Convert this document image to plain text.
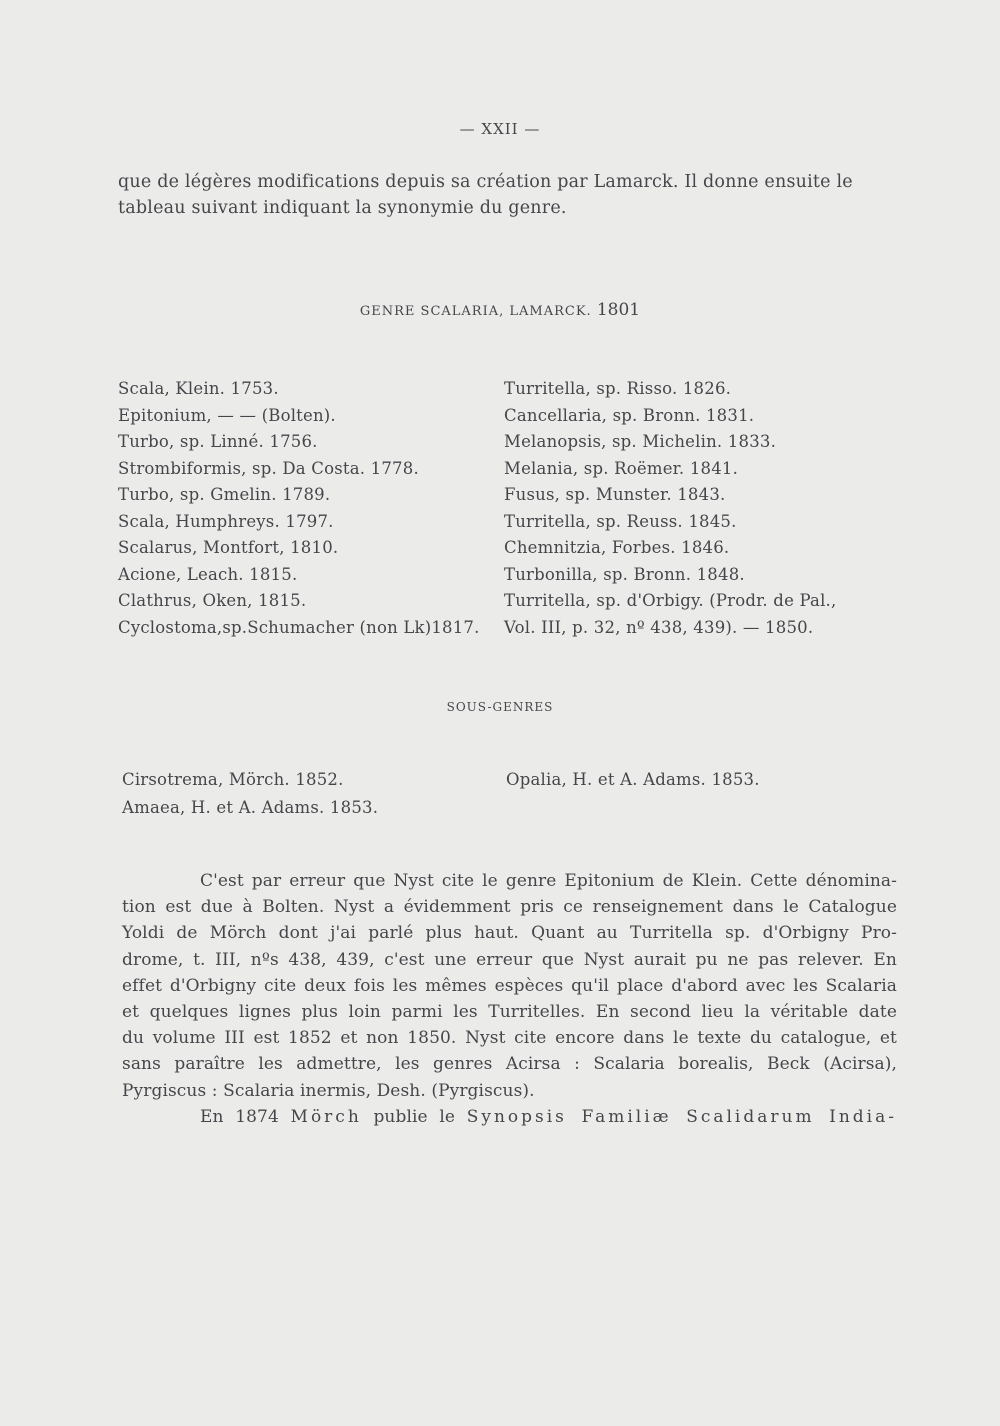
— XXII —
que de légères modifications depuis sa création par Lamarck. Il donne ensuite le
tableau suivant indiquant la synonymie du genre.
GENRE SCALARIA, LAMARCK. 1801
Scala, Klein. 1753.
Epitonium, — — (Bolten).
Turbo, sp. Linné. 1756.
Strombiformis, sp. Da Costa. 1778.
Turbo, sp. Gmelin. 1789.
Scala, Humphreys. 1797.
Scalarus, Montfort, 1810.
Acione, Leach. 1815.
Clathrus, Oken, 1815.
Cyclostoma,sp.Schumacher (non Lk)1817.
Turritella, sp. Risso. 1826.
Cancellaria, sp. Bronn. 1831.
Melanopsis, sp. Michelin. 1833.
Melania, sp. Roëmer. 1841.
Fusus, sp. Munster. 1843.
Turritella, sp. Reuss. 1845.
Chemnitzia, Forbes. 1846.
Turbonilla, sp. Bronn. 1848.
Turritella, sp. d'Orbigy. (Prodr. de Pal.,
Vol. III, p. 32, nº 438, 439). — 1850.
SOUS-GENRES
Cirsotrema, Mörch. 1852.
Amaea, H. et A. Adams. 1853.
Opalia, H. et A. Adams. 1853.
C'est par erreur que Nyst cite le genre Epitonium de Klein. Cette dénomina-
tion est due à Bolten. Nyst a évidemment pris ce renseignement dans le Catalogue
Yoldi de Mörch dont j'ai parlé plus haut. Quant au Turritella sp. d'Orbigny Pro-
drome, t. III, nºs 438, 439, c'est une erreur que Nyst aurait pu ne pas relever. En
effet d'Orbigny cite deux fois les mêmes espèces qu'il place d'abord avec les Scalaria
et quelques lignes plus loin parmi les Turritelles. En second lieu la véritable date
du volume III est 1852 et non 1850. Nyst cite encore dans le texte du catalogue, et
sans paraître les admettre, les genres Acirsa : Scalaria borealis, Beck (Acirsa),
Pyrgiscus : Scalaria inermis, Desh. (Pyrgiscus).
En 1874 Mörch publie le Synopsis Familiæ Scalidarum India-
